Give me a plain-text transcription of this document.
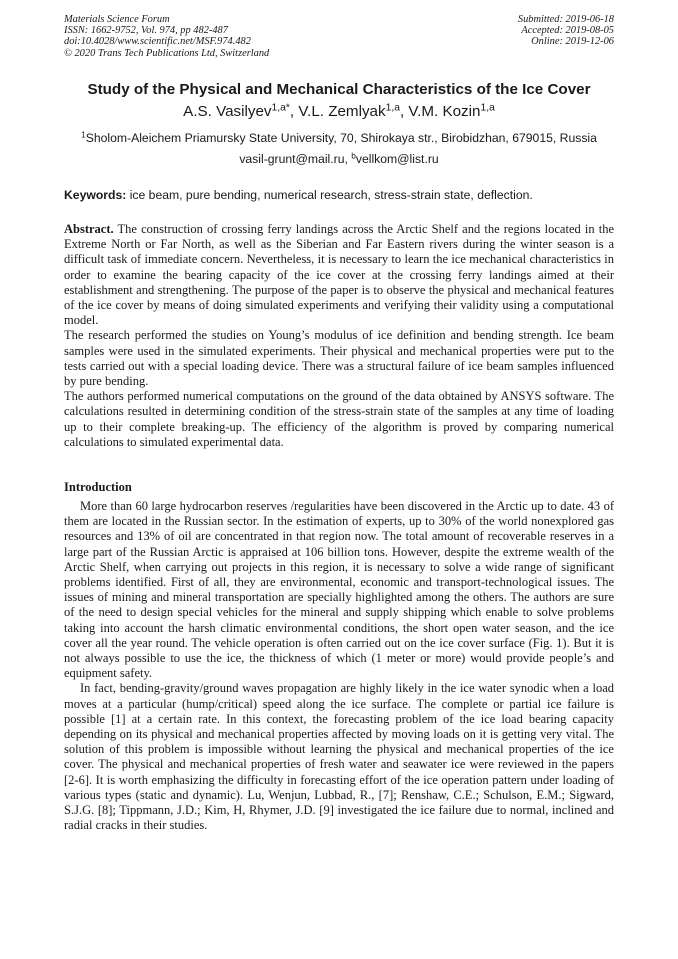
Materials Science Forum
ISSN: 1662-9752, Vol. 974, pp 482-487
doi:10.4028/www.scientific.net/MSF.974.482
© 2020 Trans Tech Publications Ltd, Switzerland
Submitted: 2019-06-18
Accepted: 2019-08-05
Online: 2019-12-06
Study of the Physical and Mechanical Characteristics of the Ice Cover
A.S. Vasilyev$^{1,a*}$, V.L. Zemlyak$^{1,a}$, V.M. Kozin$^{1,a}$
$^1$Sholom-Aleichem Priamursky State University, 70, Shirokaya str., Birobidzhan, 679015, Russia
vasil-grunt@mail.ru, $^b$vellkom@list.ru
Keywords: ice beam, pure bending, numerical research, stress-strain state, deflection.

Abstract. The construction of crossing ferry landings across the Arctic Shelf and the regions located in the Extreme North or Far North, as well as the Siberian and Far Eastern rivers during the winter season is a difficult task of immediate concern. Nevertheless, it is necessary to learn the ice mechanical characteristics in order to examine the bearing capacity of the ice cover at the crossing ferry landings aimed at their establishment and strengthening. The purpose of the paper is to observe the physical and mechanical features of the ice cover by means of doing simulated experiments and verifying their validity using a computational model.

The research performed the studies on Young’s modulus of ice definition and bending strength. Ice beam samples were used in the simulated experiments. Their physical and mechanical properties were put to the tests carried out with a special loading device. There was a structural failure of ice beam samples influenced by pure bending.

The authors performed numerical computations on the ground of the data obtained by ANSYS software. The calculations resulted in determining condition of the stress-strain state of the samples at any time of loading up to their complete breaking-up. The efficiency of the algorithm is proved by comparing numerical calculations to simulated experimental data.

Introduction

More than 60 large hydrocarbon reserves /regularities have been discovered in the Arctic up to date. 43 of them are located in the Russian sector. In the estimation of experts, up to 30% of the world nonexplored gas resources and 13% of oil are concentrated in that region now. The total amount of recoverable reserves in a large part of the Russian Arctic is appraised at 106 billion tons. However, despite the extreme wealth of the Arctic Shelf, when carrying out projects in this region, it is necessary to solve a wide range of significant problems identified. First of all, they are environmental, economic and transport-technological issues. The issues of mining and mineral transportation are specially highlighted among the others. The authors are sure of the need to design special vehicles for the mineral and supply shipping which enable to solve problems taking into account the harsh climatic environmental conditions, the short open water season, and the ice cover all the year round. The vehicle operation is often carried out on the ice cover surface (Fig. 1). But it is not always possible to use the ice, the thickness of which (1 meter or more) would provide people’s and equipment safety.

In fact, bending-gravity/ground waves propagation are highly likely in the ice water synodic when a load moves at a particular (hump/critical) speed along the ice surface. The complete or partial ice failure is possible [1] at a certain rate. In this context, the forecasting problem of the ice load bearing capacity depending on its physical and mechanical properties affected by moving loads on it is getting very vital. The solution of this problem is impossible without learning the physical and mechanical properties of the ice cover. The physical and mechanical properties of fresh water and seawater ice were reviewed in the papers [2-6]. It is worth emphasizing the difficulty in forecasting effort of the ice operation pattern under loading of various types (static and dynamic). Lu, Wenjun, Lubbad, R., [7]; Renshaw, C.E.; Schulson, E.M.; Sigward, S.J.G. [8]; Tippmann, J.D.; Kim, H, Rhymer, J.D. [9] investigated the ice failure due to normal, inclined and radial cracks in their studies.
